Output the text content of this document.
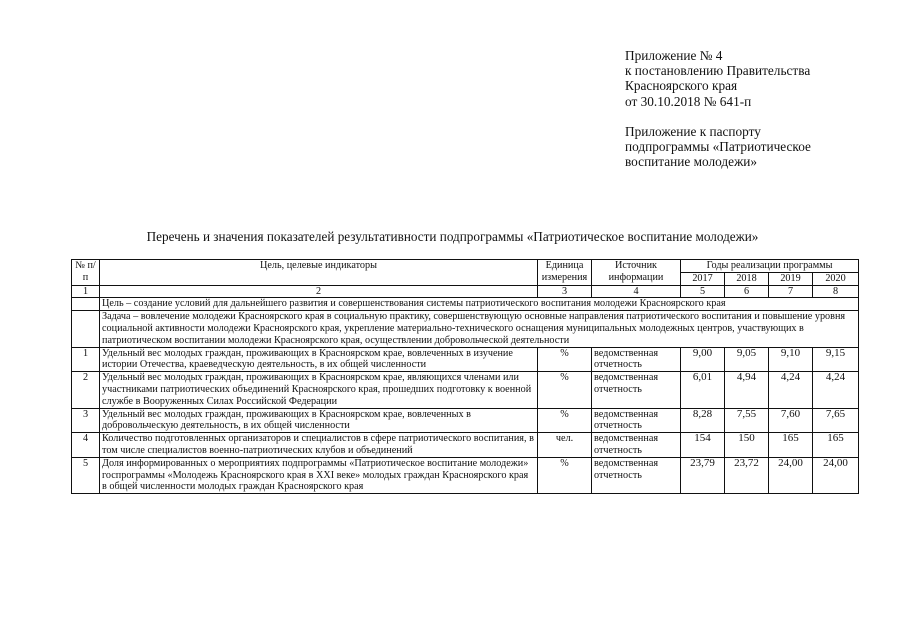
Приложение № 4
к постановлению Правительства
Красноярского края
от 30.10.2018 № 641-п
Приложение к паспорту
подпрограммы «Патриотическое
воспитание молодежи»
Перечень и значения показателей результативности подпрограммы «Патриотическое воспитание молодежи»
№ п/п	Цель, целевые индикаторы	Единица измерения	Источник информации	Годы реализации программы			
				2017	2018	2019	2020
1	2	3	4	5	6	7	8
	Цель – создание условий для дальнейшего развития и совершенствования системы патриотического воспитания молодежи Красноярского края						
	Задача – вовлечение молодежи Красноярского края в социальную практику, совершенствующую основные направления патриотического воспитания и повышение уровня социальной активности молодежи Красноярского края, укрепление материально-технического оснащения муниципальных молодежных центров, участвующих в патриотическом воспитании молодежи Красноярского края, осуществлении добровольческой деятельности						
1	Удельный вес молодых граждан, проживающих в Красноярском крае, вовлеченных в изучение истории Отечества, краеведческую деятельность, в их общей численности	%	ведомственная отчетность	9,00	9,05	9,10	9,15
2	Удельный вес молодых граждан, проживающих в Красноярском крае, являющихся членами или участниками патриотических объединений Красноярского края, прошедших подготовку к военной службе в Вооруженных Силах Российской Федерации	%	ведомственная отчетность	6,01	4,94	4,24	4,24
3	Удельный вес молодых граждан, проживающих в Красноярском крае, вовлеченных в добровольческую деятельность, в их общей численности	%	ведомственная отчетность	8,28	7,55	7,60	7,65
4	Количество подготовленных организаторов и специалистов в сфере патриотического воспитания, в том числе специалистов военно-патриотических клубов и объединений	чел.	ведомственная отчетность	154	150	165	165
5	Доля информированных о мероприятиях подпрограммы «Патриотическое воспитание молодежи» госпрограммы «Молодежь Красноярского края в XXI веке» молодых граждан Красноярского края в общей численности молодых граждан Красноярского края	%	ведомственная отчетность	23,79	23,72	24,00	24,00
